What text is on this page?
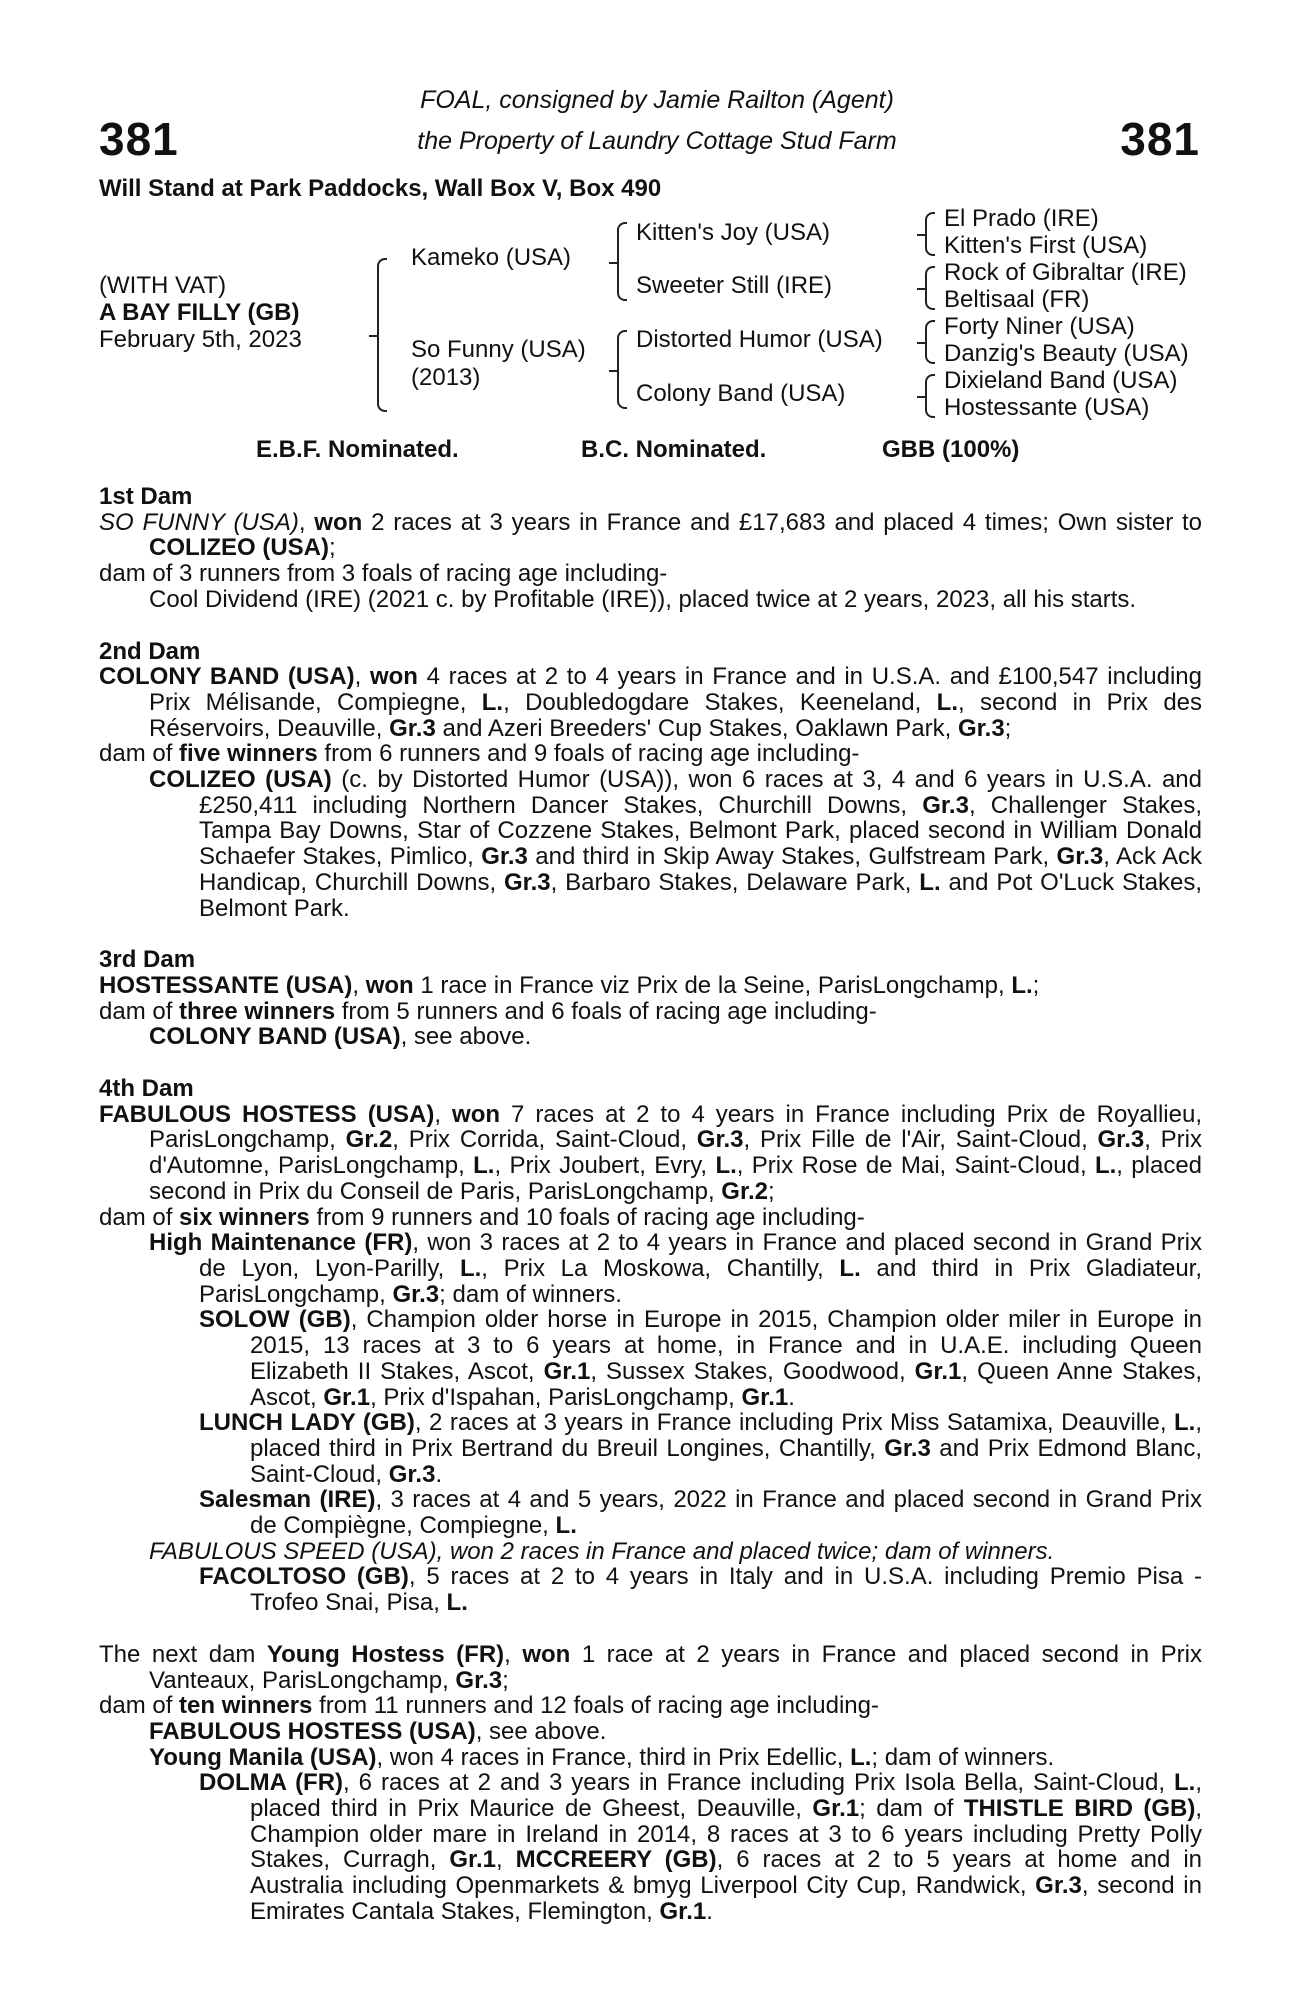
381	381
FOAL, consigned by Jamie Railton (Agent)
the Property of Laundry Cottage Stud Farm
Will Stand at Park Paddocks, Wall Box V, Box 490
(WITH VAT)
A BAY FILLY (GB)
February 5th, 2023
Kameko (USA)
So Funny (USA)
(2013)
Kitten's Joy (USA)
Sweeter Still (IRE)
Distorted Humor (USA)
Colony Band (USA)
El Prado (IRE)
Kitten's First (USA)
Rock of Gibraltar (IRE)
Beltisaal (FR)
Forty Niner (USA)
Danzig's Beauty (USA)
Dixieland Band (USA)
Hostessante (USA)
E.B.F. Nominated.	B.C. Nominated.	GBB (100%)
1st Dam
SO FUNNY (USA), won 2 races at 3 years in France and £17,683 and placed 4 times; Own sister to COLIZEO (USA);
dam of 3 runners from 3 foals of racing age including-
Cool Dividend (IRE) (2021 c. by Profitable (IRE)), placed twice at 2 years, 2023, all his starts.
2nd Dam
COLONY BAND (USA), won 4 races at 2 to 4 years in France and in U.S.A. and £100,547 including Prix Mélisande, Compiegne, L., Doubledogdare Stakes, Keeneland, L., second in Prix des Réservoirs, Deauville, Gr.3 and Azeri Breeders' Cup Stakes, Oaklawn Park, Gr.3;
dam of five winners from 6 runners and 9 foals of racing age including-
COLIZEO (USA) (c. by Distorted Humor (USA)), won 6 races at 3, 4 and 6 years in U.S.A. and £250,411 including Northern Dancer Stakes, Churchill Downs, Gr.3, Challenger Stakes, Tampa Bay Downs, Star of Cozzene Stakes, Belmont Park, placed second in William Donald Schaefer Stakes, Pimlico, Gr.3 and third in Skip Away Stakes, Gulfstream Park, Gr.3, Ack Ack Handicap, Churchill Downs, Gr.3, Barbaro Stakes, Delaware Park, L. and Pot O'Luck Stakes, Belmont Park.
3rd Dam
HOSTESSANTE (USA), won 1 race in France viz Prix de la Seine, ParisLongchamp, L.;
dam of three winners from 5 runners and 6 foals of racing age including-
COLONY BAND (USA), see above.
4th Dam
FABULOUS HOSTESS (USA), won 7 races at 2 to 4 years in France including Prix de Royallieu, ParisLongchamp, Gr.2, Prix Corrida, Saint-Cloud, Gr.3, Prix Fille de l'Air, Saint-Cloud, Gr.3, Prix d'Automne, ParisLongchamp, L., Prix Joubert, Evry, L., Prix Rose de Mai, Saint-Cloud, L., placed second in Prix du Conseil de Paris, ParisLongchamp, Gr.2;
dam of six winners from 9 runners and 10 foals of racing age including-
High Maintenance (FR), won 3 races at 2 to 4 years in France and placed second in Grand Prix de Lyon, Lyon-Parilly, L., Prix La Moskowa, Chantilly, L. and third in Prix Gladiateur, ParisLongchamp, Gr.3; dam of winners.
SOLOW (GB), Champion older horse in Europe in 2015, Champion older miler in Europe in 2015, 13 races at 3 to 6 years at home, in France and in U.A.E. including Queen Elizabeth II Stakes, Ascot, Gr.1, Sussex Stakes, Goodwood, Gr.1, Queen Anne Stakes, Ascot, Gr.1, Prix d'Ispahan, ParisLongchamp, Gr.1.
LUNCH LADY (GB), 2 races at 3 years in France including Prix Miss Satamixa, Deauville, L., placed third in Prix Bertrand du Breuil Longines, Chantilly, Gr.3 and Prix Edmond Blanc, Saint-Cloud, Gr.3.
Salesman (IRE), 3 races at 4 and 5 years, 2022 in France and placed second in Grand Prix de Compiègne, Compiegne, L.
FABULOUS SPEED (USA), won 2 races in France and placed twice; dam of winners.
FACOLTOSO (GB), 5 races at 2 to 4 years in Italy and in U.S.A. including Premio Pisa - Trofeo Snai, Pisa, L.
The next dam Young Hostess (FR), won 1 race at 2 years in France and placed second in Prix Vanteaux, ParisLongchamp, Gr.3;
dam of ten winners from 11 runners and 12 foals of racing age including-
FABULOUS HOSTESS (USA), see above.
Young Manila (USA), won 4 races in France, third in Prix Edellic, L.; dam of winners.
DOLMA (FR), 6 races at 2 and 3 years in France including Prix Isola Bella, Saint-Cloud, L., placed third in Prix Maurice de Gheest, Deauville, Gr.1; dam of THISTLE BIRD (GB), Champion older mare in Ireland in 2014, 8 races at 3 to 6 years including Pretty Polly Stakes, Curragh, Gr.1, MCCREERY (GB), 6 races at 2 to 5 years at home and in Australia including Openmarkets & bmyg Liverpool City Cup, Randwick, Gr.3, second in Emirates Cantala Stakes, Flemington, Gr.1.
